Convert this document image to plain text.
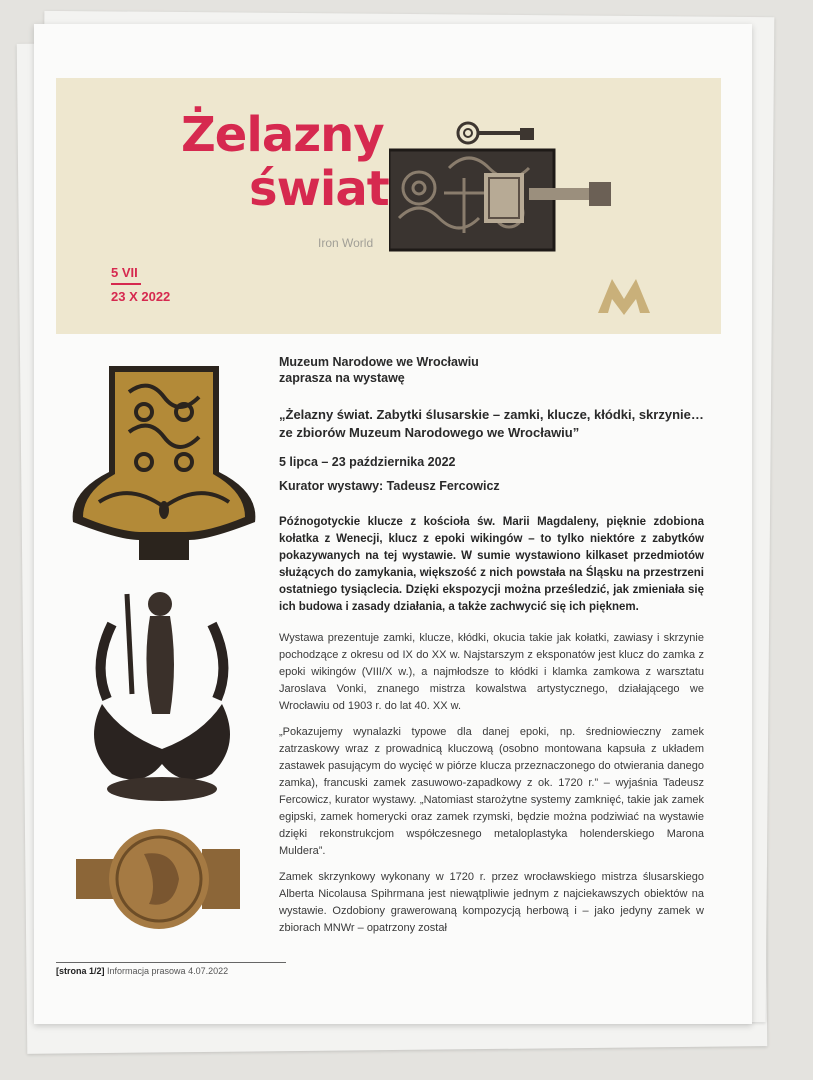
Żelazny
świat
Iron World
5 VII
23 X 2022

Muzeum Narodowe we Wrocławiu

zaprasza na wystawę

„Żelazny świat. Zabytki ślusarskie – zamki, klucze, kłódki, skrzynie… ze zbiorów Muzeum Narodowego we Wrocławiu”

5 lipca – 23 października 2022

Kurator wystawy: Tadeusz Fercowicz

Późnogotyckie klucze z kościoła św. Marii Magdaleny, pięknie zdobiona kołatka z Wenecji, klucz z epoki wikingów – to tylko niektóre z zabytków pokazywanych na tej wystawie. W sumie wystawiono kilkaset przedmiotów służących do zamykania, większość z nich powstała na Śląsku na przestrzeni ostatniego tysiąclecia. Dzięki ekspozycji można prześledzić, jak zmieniała się ich budowa i zasady działania, a także zachwycić się ich pięknem.

Wystawa prezentuje zamki, klucze, kłódki, okucia takie jak kołatki, zawiasy i skrzynie pochodzące z okresu od IX do XX w. Najstarszym z eksponatów jest klucz do zamka z epoki wikingów (VIII/X w.), a najmłodsze to kłódki i klamka zamkowa z warsztatu Jaroslava Vonki, znanego mistrza kowalstwa artystycznego, działającego we Wrocławiu od 1903 r. do lat 40. XX w.

„Pokazujemy wynalazki typowe dla danej epoki, np. średniowieczny zamek zatrzaskowy wraz z prowadnicą kluczową (osobno montowana kapsuła z układem zastawek pasującym do wycięć w piórze klucza przeznaczonego do otwierania danego zamka), francuski zamek zasuwowo-zapadkowy z ok. 1720 r.” – wyjaśnia Tadeusz Fercowicz, kurator wystawy. „Natomiast starożytne systemy zamknięć, takie jak zamek egipski, zamek homerycki oraz zamek rzymski, będzie można podziwiać na wystawie dzięki rekonstrukcjom współczesnego metaloplastyka holenderskiego Marona Muldera”.

Zamek skrzynkowy wykonany w 1720 r. przez wrocławskiego mistrza ślusarskiego Alberta Nicolausa Spihrmana jest niewątpliwie jednym z najciekawszych obiektów na wystawie. Ozdobiony grawerowaną kompozycją herbową i – jako jedyny zamek w zbiorach MNWr – opatrzony został

[strona 1/2] Informacja prasowa 4.07.2022
